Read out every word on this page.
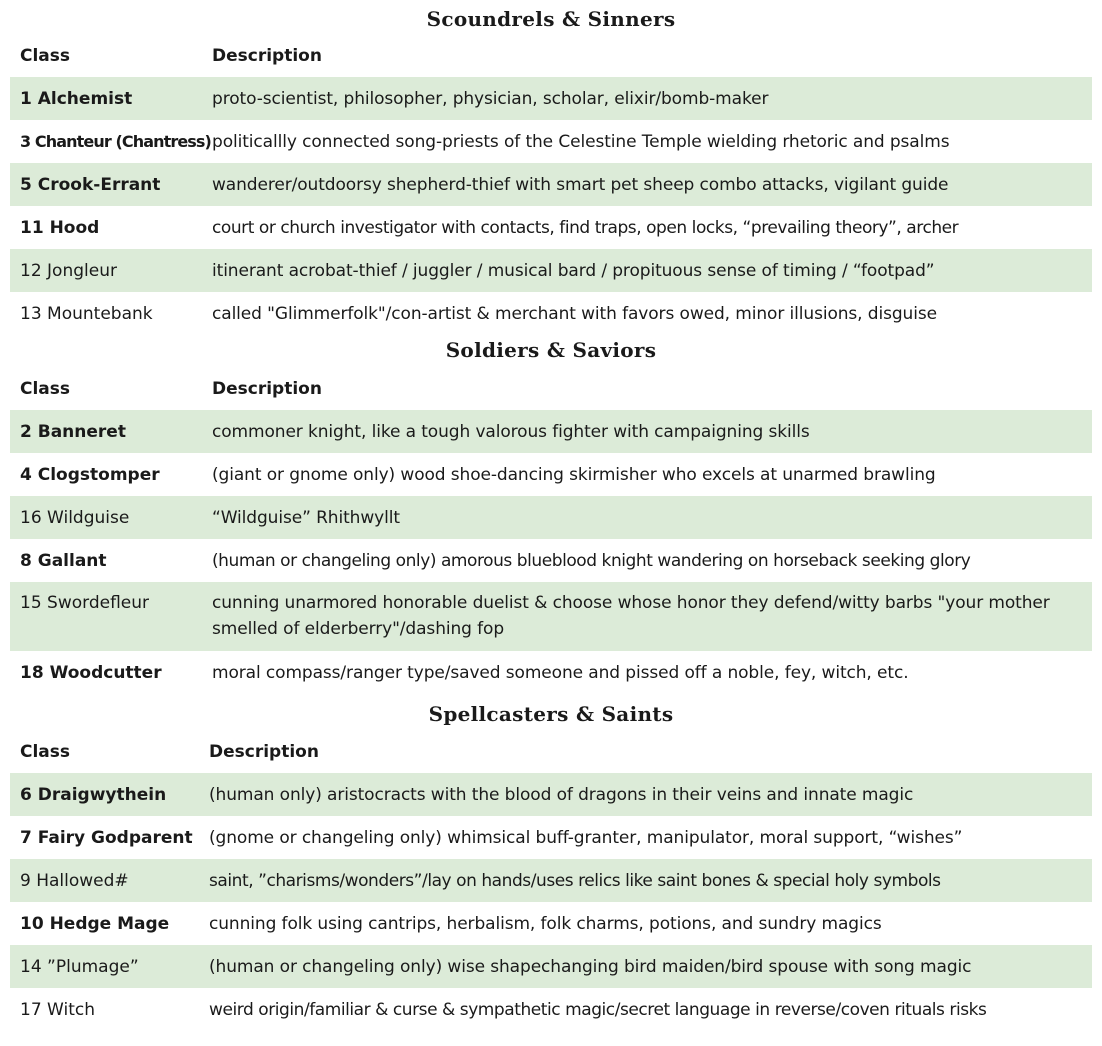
Scoundrels & Sinners
Class	Description
1 Alchemist	proto-scientist, philosopher, physician, scholar, elixir/bomb-maker
3 Chanteur (Chantress)	politicallly connected song-priests of the Celestine Temple wielding rhetoric and psalms
5 Crook-Errant	wanderer/outdoorsy shepherd-thief with smart pet sheep combo attacks, vigilant guide
11 Hood	court or church investigator with contacts, find traps, open locks, “prevailing theory”, archer
12 Jongleur	itinerant acrobat-thief / juggler / musical bard / propituous sense of timing / “footpad”
13 Mountebank	called "Glimmerfolk"/con-artist & merchant with favors owed, minor illusions, disguise
Soldiers & Saviors
Class	Description
2 Banneret	commoner knight, like a tough valorous fighter with campaigning skills
4 Clogstomper	(giant or gnome only) wood shoe-dancing skirmisher who excels at unarmed brawling
16 Wildguise	“Wildguise” Rhithwyllt
8 Gallant	(human or changeling only) amorous blueblood knight wandering on horseback seeking glory
15 Swordefleur	cunning unarmored honorable duelist & choose whose honor they defend/witty barbs "your mother smelled of elderberry"/dashing fop
18 Woodcutter	moral compass/ranger type/saved someone and pissed off a noble, fey, witch, etc.
Spellcasters & Saints
Class	Description
6 Draigwythein	(human only) aristocracts with the blood of dragons in their veins and innate magic
7 Fairy Godparent	(gnome or changeling only) whimsical buff-granter, manipulator, moral support, “wishes”
9 Hallowed#	saint, ”charisms/wonders”/lay on hands/uses relics like saint bones & special holy symbols
10 Hedge Mage	cunning folk using cantrips, herbalism, folk charms, potions, and sundry magics
14 ”Plumage”	(human or changeling only) wise shapechanging bird maiden/bird spouse with song magic
17 Witch	weird origin/familiar & curse & sympathetic magic/secret language in reverse/coven rituals risks
